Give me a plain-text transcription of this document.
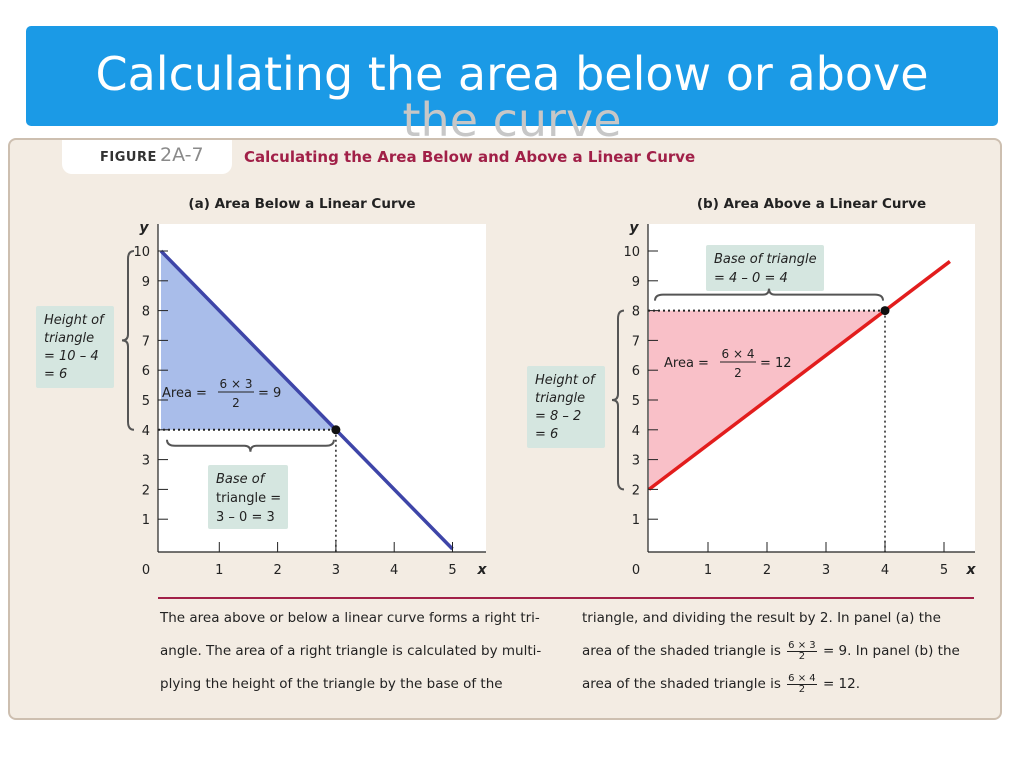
Calculating the area below or above
FIGURE 2A-7
the curve
Calculating the Area Below and Above a Linear Curve
(a) Area Below a Linear Curve
1
2
3
4
5
6
7
8
9
10
0	1	2	3	4	5
y
x
Area =
6 × 3
2
= 9
Height of
triangle
= 10 – 4
= 6
Base of
triangle =
3 – 0 = 3
(b) Area Above a Linear Curve
1
2
3
4
5
6
7
8
9
10
0	1	2	3	4	5
y
x
Area =
6 × 4
2
= 12
Height of
triangle
= 8 – 2
= 6
Base of triangle
= 4 – 0 = 4
The area above or below a linear curve forms a right tri-
angle. The area of a right triangle is calculated by multi-
plying the height of the triangle by the base of the
triangle, and dividing the result by 2. In panel (a) the
area of the shaded triangle is $\frac{6 \times 3}{2} = 9$. In panel (b) the
area of the shaded triangle is $\frac{6 \times 4}{2} = 12$.
